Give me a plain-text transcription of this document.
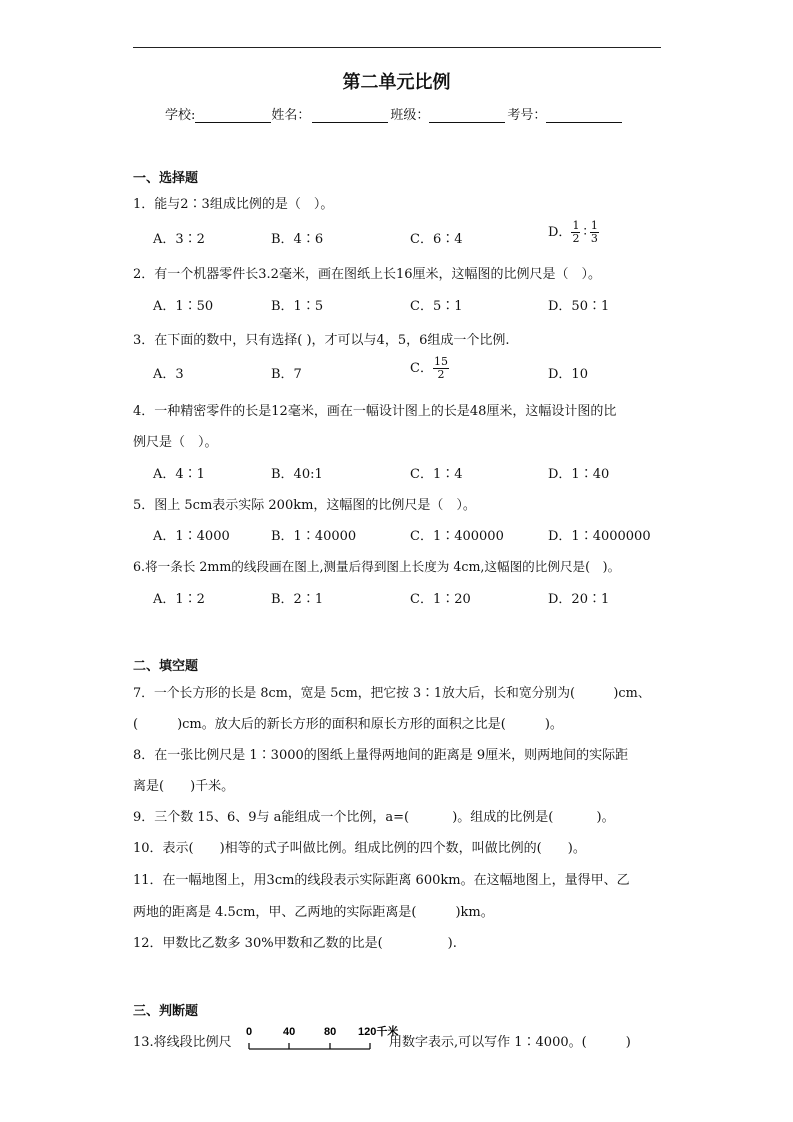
第二单元比例
学校:	姓名：	班级：	考号：
一、选择题
1．能与2∶3组成比例的是（　）。
A．3∶2	B．4∶6	C．6∶4	D． $\frac{1}{2}$ ∶ $\frac{1}{3}$
2．有一个机器零件长3.2毫米，画在图纸上长16厘米，这幅图的比例尺是（　）。
A．1∶50	B．1∶5	C．5∶1	D．50∶1
3．在下面的数中，只有选择( )，才可以与4，5，6组成一个比例.
A．3	B．7	C． $\frac{15}{2}$	D．10
4．一种精密零件的长是12毫米，画在一幅设计图上的长是48厘米，这幅设计图的比
例尺是（　）。
A．4∶1	B．40:1	C．1∶4	D．1∶40
5．图上 5cm表示实际 200km，这幅图的比例尺是（　）。
A．1∶4000	B．1∶40000	C．1∶400000	D．1∶4000000
6.将一条长 2mm的线段画在图上,测量后得到图上长度为 4cm,这幅图的比例尺是(　)。
A．1∶2	B．2∶1	C．1∶20	D．20∶1
二、填空题
7．一个长方形的长是 8cm，宽是 5cm，把它按 3∶1放大后，长和宽分别为(　　　)cm、
(　　　)cm。放大后的新长方形的面积和原长方形的面积之比是(　　　)。
8．在一张比例尺是 1∶3000的图纸上量得两地间的距离是 9厘米，则两地间的实际距
离是(　　)千米。
9．三个数 15、6、9与 a能组成一个比例，a=(　　　 )。组成的比例是(　　　 )。
10．表示(　　)相等的式子叫做比例。组成比例的四个数，叫做比例的(　　)。
11．在一幅地图上，用3cm的线段表示实际距离 600km。在这幅地图上，量得甲、乙
两地的距离是 4.5cm，甲、乙两地的实际距离是(　　　)km。
12．甲数比乙数多 30%甲数和乙数的比是(　　　　　).
三、判断题
13.将线段比例尺
0	40	80 120千米
用数字表示,可以写作 1∶4000。(　　　)
